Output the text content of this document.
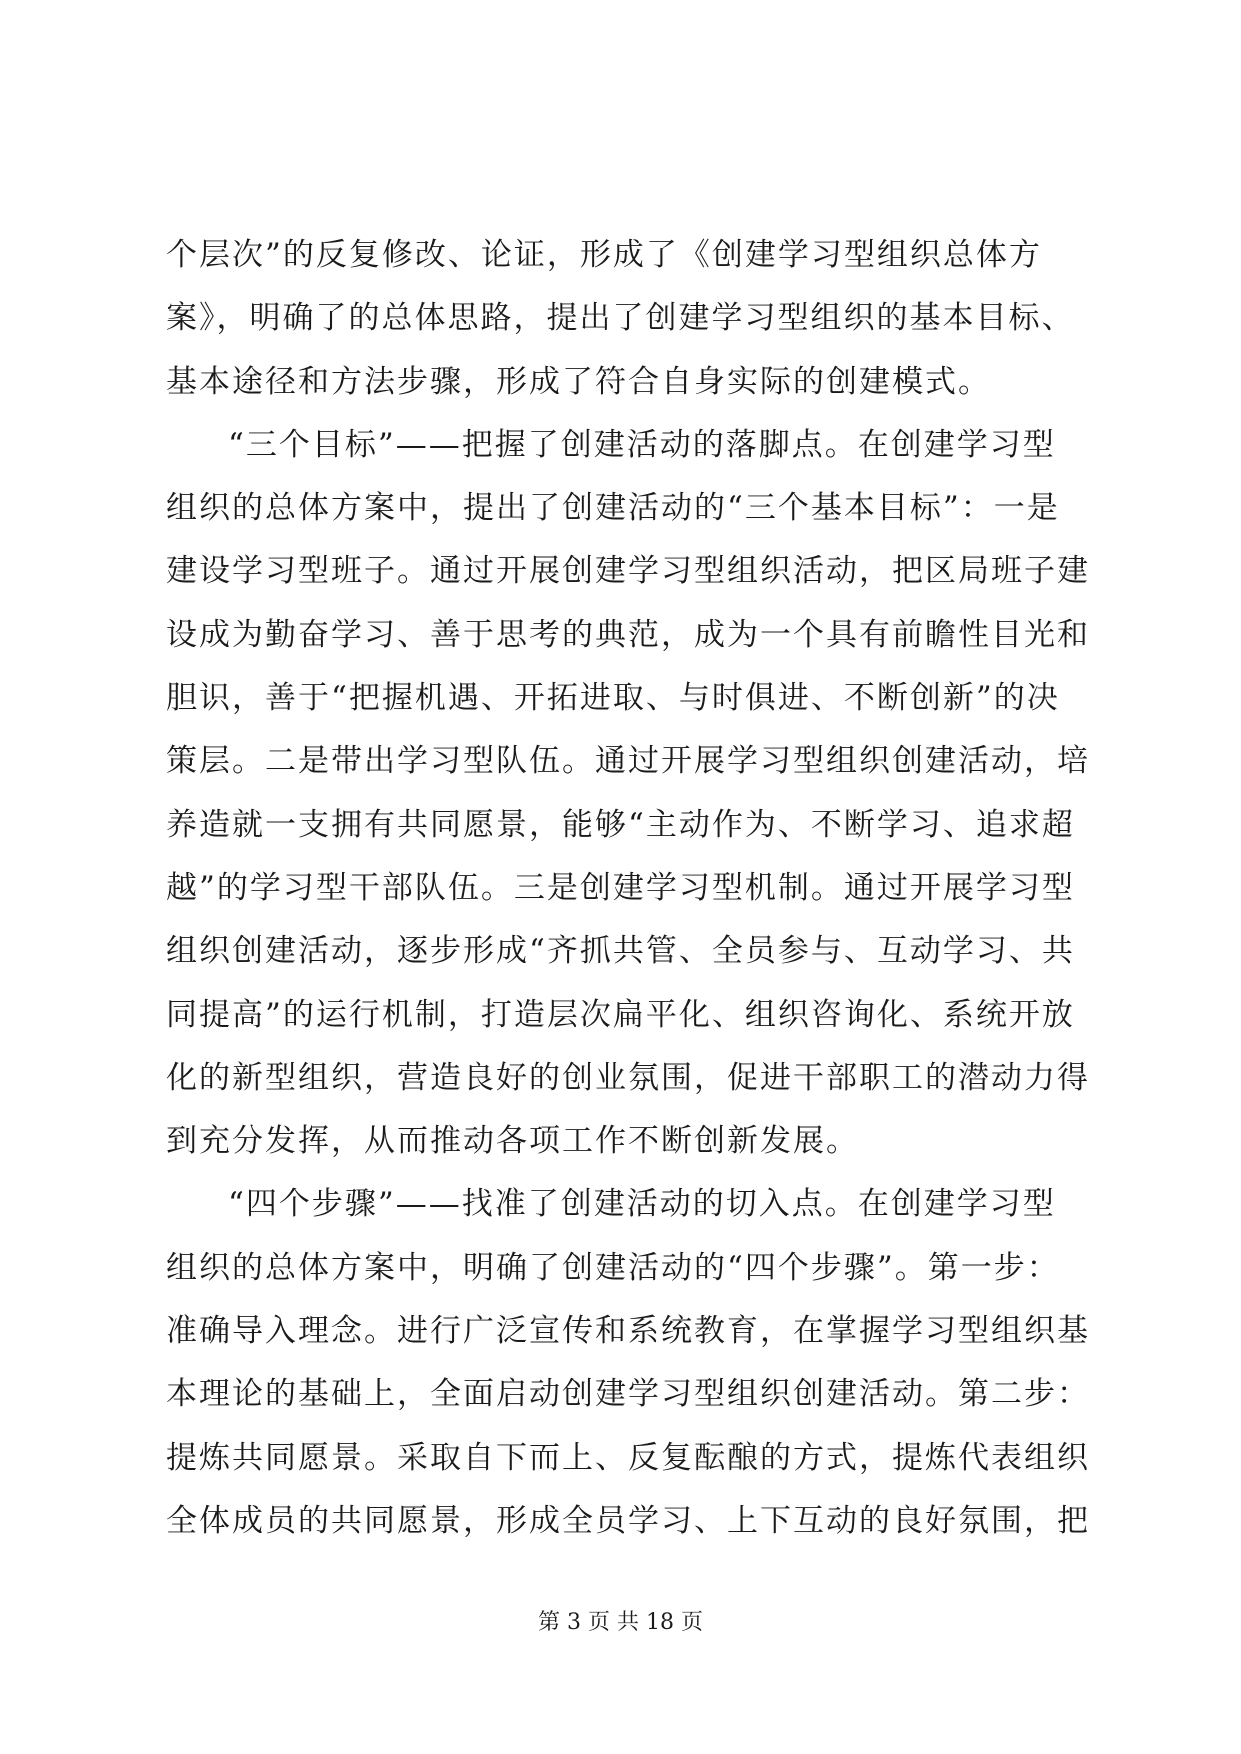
个层次”的反复修改、论证，形成了《创建学习型组织总体方
案》，明确了的总体思路，提出了创建学习型组织的基本目标、
基本途径和方法步骤，形成了符合自身实际的创建模式。
“三个目标”——把握了创建活动的落脚点。在创建学习型
组织的总体方案中，提出了创建活动的“三个基本目标”：一是
建设学习型班子。通过开展创建学习型组织活动，把区局班子建
设成为勤奋学习、善于思考的典范，成为一个具有前瞻性目光和
胆识，善于“把握机遇、开拓进取、与时俱进、不断创新”的决
策层。二是带出学习型队伍。通过开展学习型组织创建活动，培
养造就一支拥有共同愿景，能够“主动作为、不断学习、追求超
越”的学习型干部队伍。三是创建学习型机制。通过开展学习型
组织创建活动，逐步形成“齐抓共管、全员参与、互动学习、共
同提高”的运行机制，打造层次扁平化、组织咨询化、系统开放
化的新型组织，营造良好的创业氛围，促进干部职工的潜动力得
到充分发挥，从而推动各项工作不断创新发展。
“四个步骤”——找准了创建活动的切入点。在创建学习型
组织的总体方案中，明确了创建活动的“四个步骤”。第一步：
准确导入理念。进行广泛宣传和系统教育，在掌握学习型组织基
本理论的基础上，全面启动创建学习型组织创建活动。第二步：
提炼共同愿景。采取自下而上、反复酝酿的方式，提炼代表组织
全体成员的共同愿景，形成全员学习、上下互动的良好氛围，把
第 3 页 共 18 页
